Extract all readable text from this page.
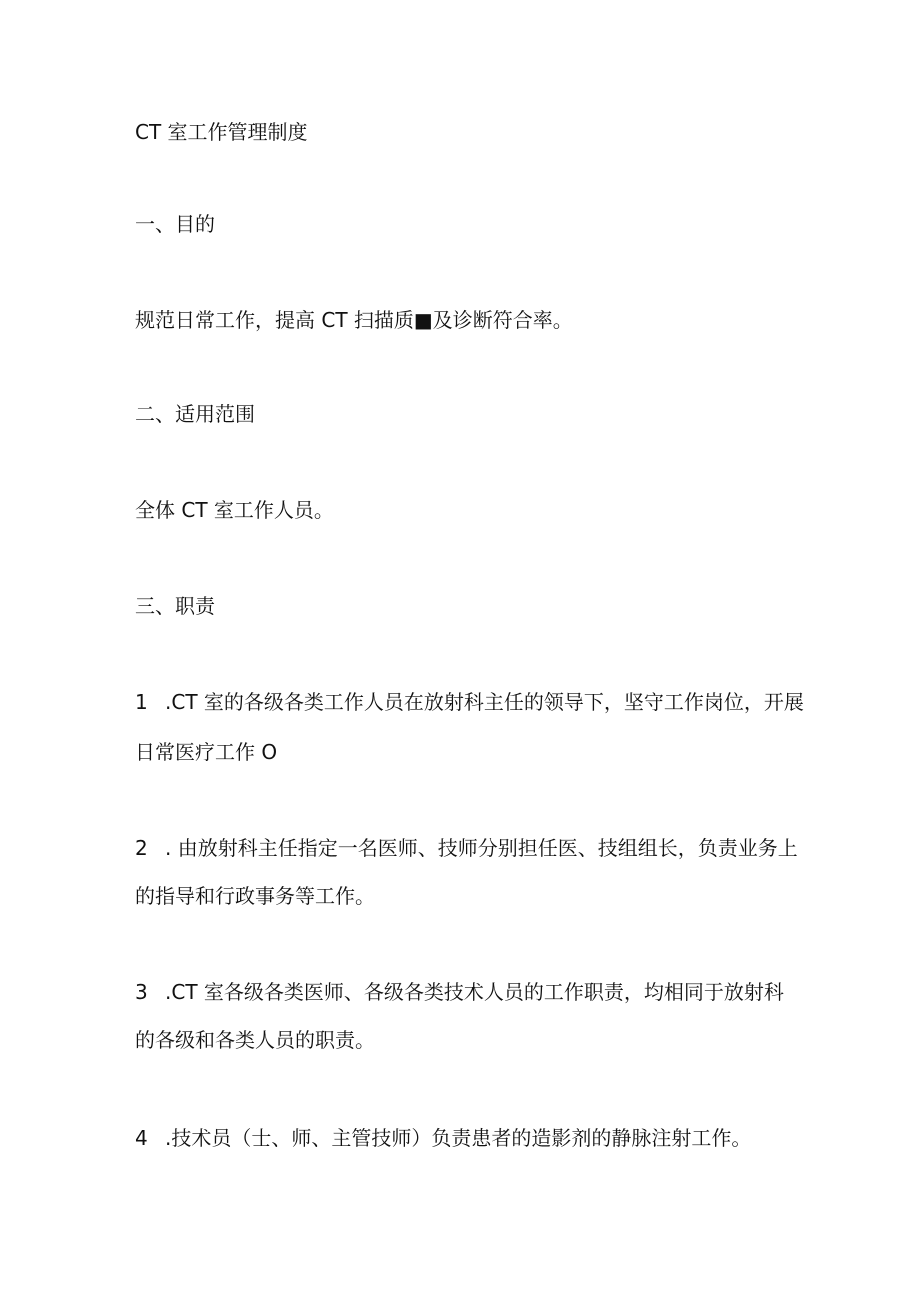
CT 室工作管理制度
一、目的
规范日常工作，提高 CT 扫描质■及诊断符合率。
二、适用范围
全体 CT 室工作人员。
三、职责
1 .CT 室的各级各类工作人员在放射科主任的领导下，坚守工作岗位，开展
日常医疗工作 O
2 . 由放射科主任指定一名医师、技师分别担任医、技组组长，负责业务上
的指导和行政事务等工作。
3 .CT 室各级各类医师、各级各类技术人员的工作职责，均相同于放射科
的各级和各类人员的职责。
4 .技术员（士、师、主管技师）负责患者的造影剂的静脉注射工作。
